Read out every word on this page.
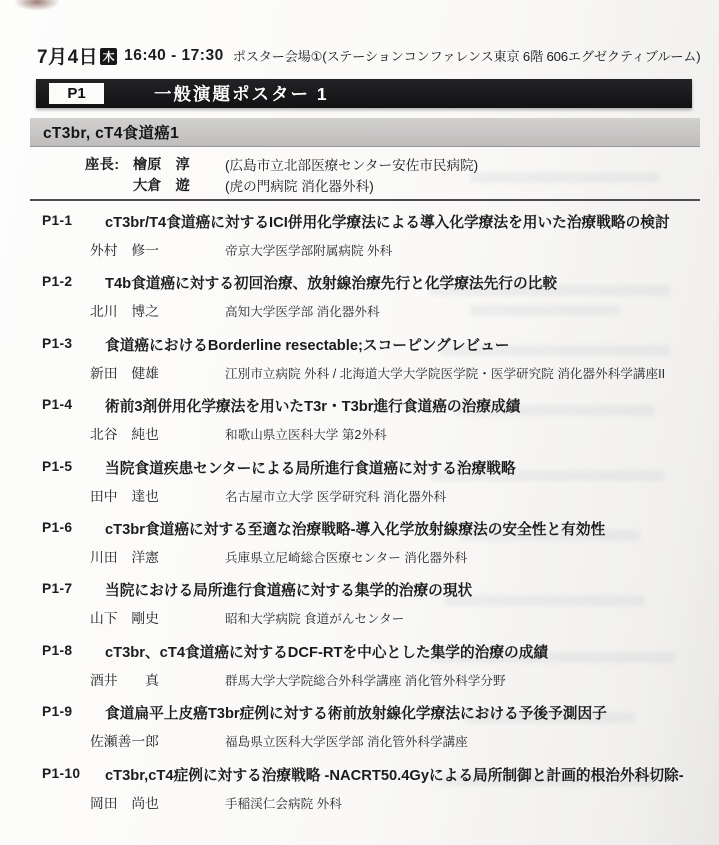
7月4日 木 16:40 - 17:30 ポスター会場①(ステーションコンファレンス東京 6階 606エグゼクティブルーム)
P1	一般演題ポスター 1
cT3br, cT4食道癌1
座長: 檜原　淳	(広島市立北部医療センター安佐市民病院)
大倉　遊	(虎の門病院 消化器外科)
P1-1	cT3br/T4食道癌に対するICI併用化学療法による導入化学療法を用いた治療戦略の検討
外村　修一	帝京大学医学部附属病院 外科
P1-2	T4b食道癌に対する初回治療、放射線治療先行と化学療法先行の比較
北川　博之	高知大学医学部 消化器外科
P1-3	食道癌におけるBorderline resectable;スコーピングレビュー
新田　健雄	江別市立病院 外科 / 北海道大学大学院医学院・医学研究院 消化器外科学講座II
P1-4	術前3剤併用化学療法を用いたT3r・T3br進行食道癌の治療成績
北谷　純也	和歌山県立医科大学 第2外科
P1-5	当院食道疾患センターによる局所進行食道癌に対する治療戦略
田中　達也	名古屋市立大学 医学研究科 消化器外科
P1-6	cT3br食道癌に対する至適な治療戦略-導入化学放射線療法の安全性と有効性
川田　洋憲	兵庫県立尼崎総合医療センター 消化器外科
P1-7	当院における局所進行食道癌に対する集学的治療の現状
山下　剛史	昭和大学病院 食道がんセンター
P1-8	cT3br、cT4食道癌に対するDCF-RTを中心とした集学的治療の成績
酒井　　真	群馬大学大学院総合外科学講座 消化管外科学分野
P1-9	食道扁平上皮癌T3br症例に対する術前放射線化学療法における予後予測因子
佐瀬善一郎	福島県立医科大学医学部 消化管外科学講座
P1-10	cT3br,cT4症例に対する治療戦略 -NACRT50.4Gyによる局所制御と計画的根治外科切除-
岡田　尚也	手稲渓仁会病院 外科
